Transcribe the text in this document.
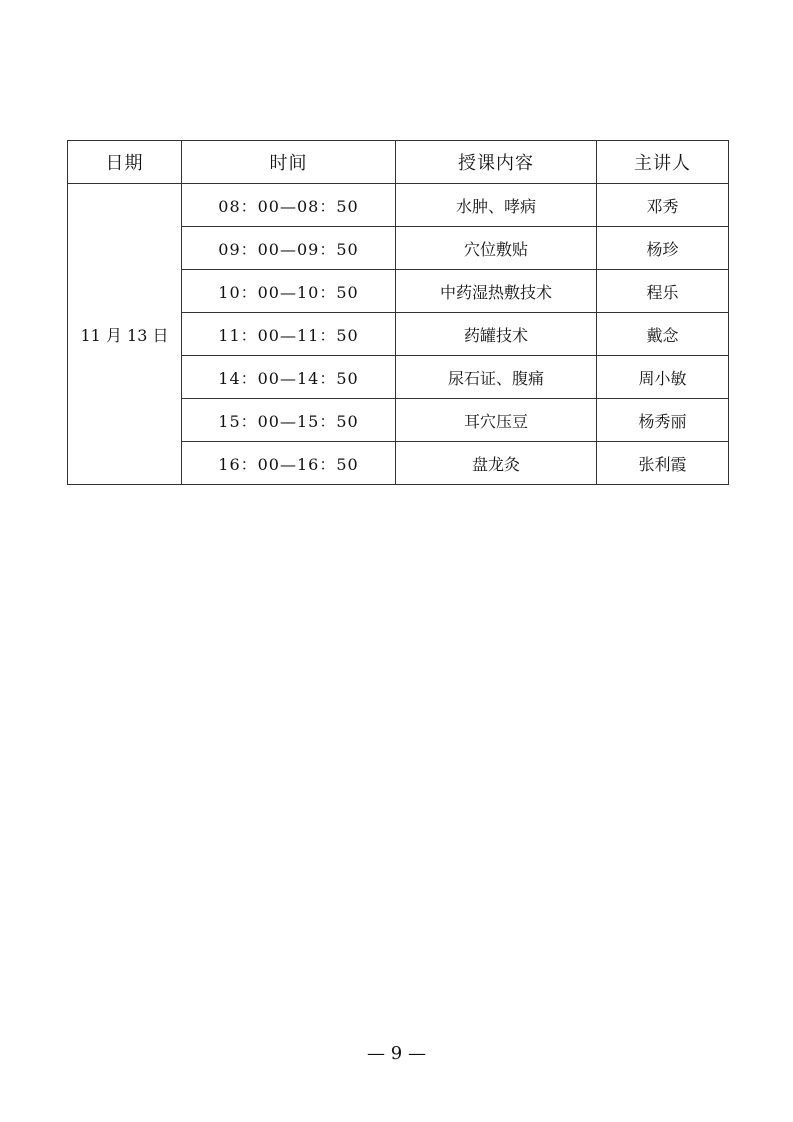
日期	时间	授课内容	主讲人
11 月 13 日	08：00—08：50	水肿、哮病	邓秀
	09：00—09：50	穴位敷贴	杨珍
	10：00—10：50	中药湿热敷技术	程乐
	11：00—11：50	药罐技术	戴念
	14：00—14：50	尿石证、腹痛	周小敏
	15：00—15：50	耳穴压豆	杨秀丽
	16：00—16：50	盘龙灸	张利霞
— 9 —
